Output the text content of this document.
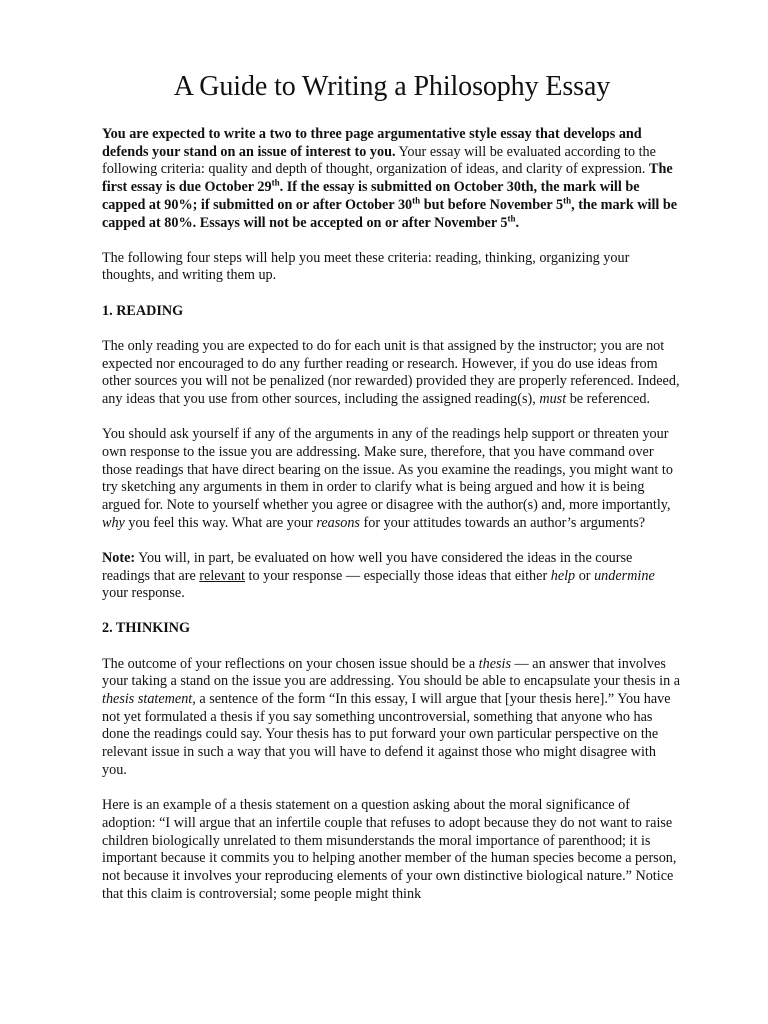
A Guide to Writing a Philosophy Essay

You are expected to write a two to three page argumentative style essay that develops and defends your stand on an issue of interest to you. Your essay will be evaluated according to the following criteria: quality and depth of thought, organization of ideas, and clarity of expression. The first essay is due October 29th. If the essay is submitted on October 30th, the mark will be capped at 90%; if submitted on or after October 30th but before November 5th, the mark will be capped at 80%. Essays will not be accepted on or after November 5th.

The following four steps will help you meet these criteria: reading, thinking, organizing your thoughts, and writing them up.

1. READING

The only reading you are expected to do for each unit is that assigned by the instructor; you are not expected nor encouraged to do any further reading or research. However, if you do use ideas from other sources you will not be penalized (nor rewarded) provided they are properly referenced. Indeed, any ideas that you use from other sources, including the assigned reading(s), must be referenced.

You should ask yourself if any of the arguments in any of the readings help support or threaten your own response to the issue you are addressing. Make sure, therefore, that you have command over those readings that have direct bearing on the issue. As you examine the readings, you might want to try sketching any arguments in them in order to clarify what is being argued and how it is being argued for. Note to yourself whether you agree or disagree with the author(s) and, more importantly, why you feel this way. What are your reasons for your attitudes towards an author’s arguments?

Note: You will, in part, be evaluated on how well you have considered the ideas in the course readings that are relevant to your response — especially those ideas that either help or undermine your response.

2. THINKING

The outcome of your reflections on your chosen issue should be a thesis — an answer that involves your taking a stand on the issue you are addressing. You should be able to encapsulate your thesis in a thesis statement, a sentence of the form “In this essay, I will argue that [your thesis here].” You have not yet formulated a thesis if you say something uncontroversial, something that anyone who has done the readings could say. Your thesis has to put forward your own particular perspective on the relevant issue in such a way that you will have to defend it against those who might disagree with you.

Here is an example of a thesis statement on a question asking about the moral significance of adoption: “I will argue that an infertile couple that refuses to adopt because they do not want to raise children biologically unrelated to them misunderstands the moral importance of parenthood; it is important because it commits you to helping another member of the human species become a person, not because it involves your reproducing elements of your own distinctive biological nature.” Notice that this claim is controversial; some people might think
